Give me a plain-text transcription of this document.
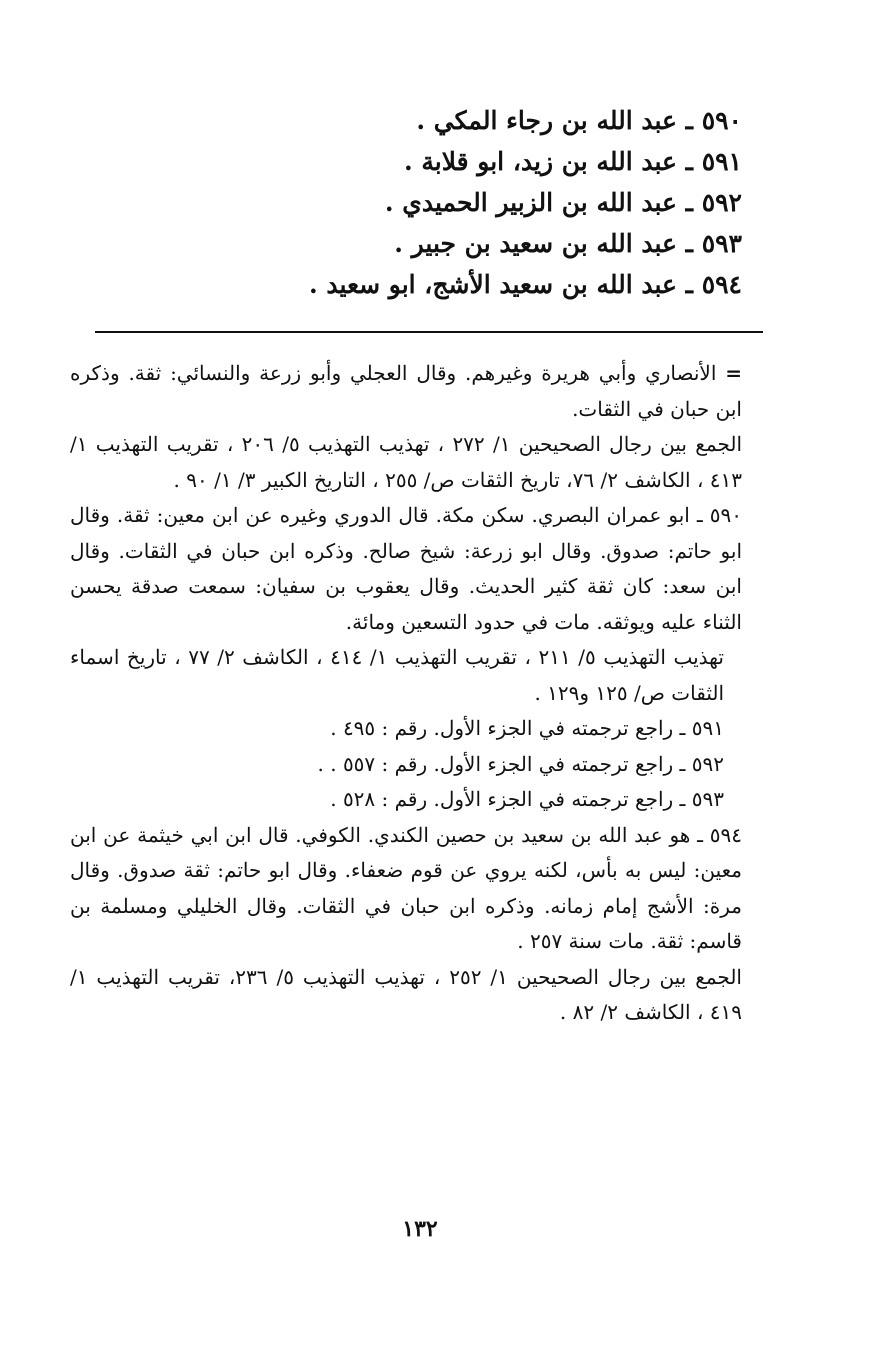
٥٩٠ ـ عبد الله بن رجاء المكي .
٥٩١ ـ عبد الله بن زيد، ابو قلابة .
٥٩٢ ـ عبد الله بن الزبير الحميدي .
٥٩٣ ـ عبد الله بن سعيد بن جبير .
٥٩٤ ـ عبد الله بن سعيد الأشج، ابو سعيد .

= الأنصاري وأبي هريرة وغيرهم. وقال العجلي وأبو زرعة والنسائي: ثقة. وذكره ابن حبان في الثقات.

الجمع بين رجال الصحيحين ١/ ٢٧٢ ، تهذيب التهذيب ٥/ ٢٠٦ ، تقريب التهذيب ١/ ٤١٣ ، الكاشف ٢/ ٧٦، تاريخ الثقات ص/ ٢٥٥ ، التاريخ الكبير ٣/ ١/ ٩٠ .

٥٩٠ ـ ابو عمران البصري. سكن مكة. قال الدوري وغيره عن ابن معين: ثقة. وقال ابو حاتم: صدوق. وقال ابو زرعة: شيخ صالح. وذكره ابن حبان في الثقات. وقال ابن سعد: كان ثقة كثير الحديث. وقال يعقوب بن سفيان: سمعت صدقة يحسن الثناء عليه ويوثقه. مات في حدود التسعين ومائة.

تهذيب التهذيب ٥/ ٢١١ ، تقريب التهذيب ١/ ٤١٤ ، الكاشف ٢/ ٧٧ ، تاريخ اسماء الثقات ص/ ١٢٥ و١٢٩ .

٥٩١ ـ راجع ترجمته في الجزء الأول. رقم : ٤٩٥ .

٥٩٢ ـ راجع ترجمته في الجزء الأول. رقم : ٥٥٧ . .

٥٩٣ ـ راجع ترجمته في الجزء الأول. رقم : ٥٢٨ .

٥٩٤ ـ هو عبد الله بن سعيد بن حصين الكندي. الكوفي. قال ابن ابي خيثمة عن ابن معين: ليس به بأس، لكنه يروي عن قوم ضعفاء. وقال ابو حاتم: ثقة صدوق. وقال مرة: الأشج إمام زمانه. وذكره ابن حبان في الثقات. وقال الخليلي ومسلمة بن قاسم: ثقة. مات سنة ٢٥٧ .

الجمع بين رجال الصحيحين ١/ ٢٥٢ ، تهذيب التهذيب ٥/ ٢٣٦، تقريب التهذيب ١/ ٤١٩ ، الكاشف ٢/ ٨٢ .

١٣٢
